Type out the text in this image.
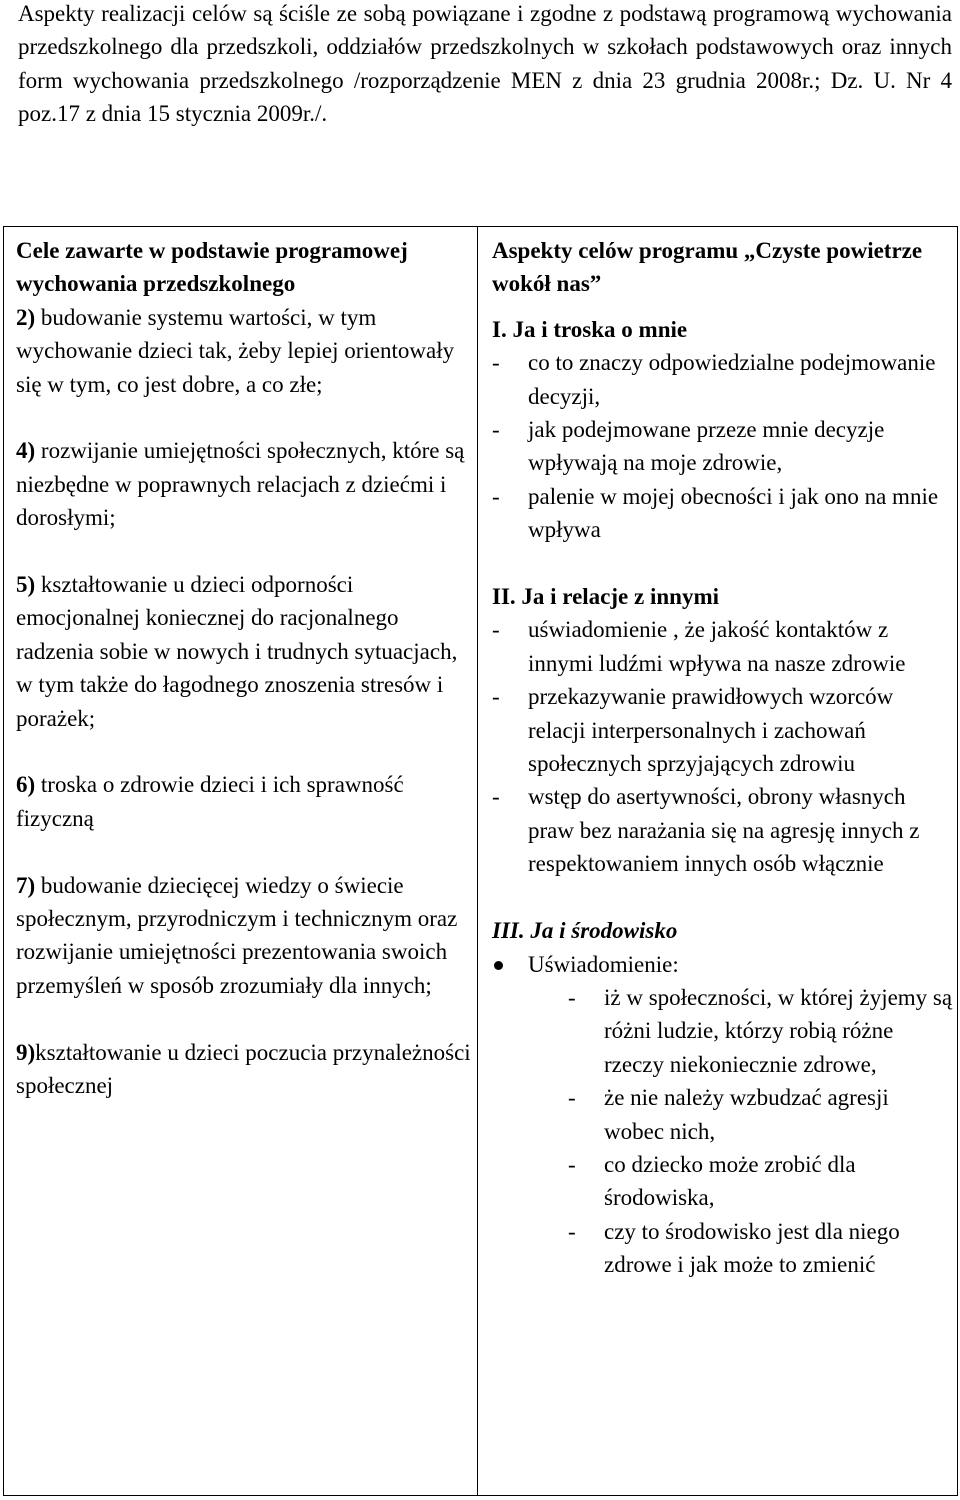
Aspekty realizacji celów są ściśle ze sobą powiązane i zgodne z podstawą programową wychowania przedszkolnego dla przedszkoli, oddziałów przedszkolnych w szkołach podstawowych oraz innych form wychowania przedszkolnego /rozporządzenie MEN z dnia 23 grudnia 2008r.; Dz. U. Nr 4 poz.17 z dnia 15 stycznia 2009r./.
Cele zawarte w podstawie programowej wychowania przedszkolnego
2) budowanie systemu wartości, w tym wychowanie dzieci tak, żeby lepiej orientowały się w tym, co jest dobre, a co złe;
4) rozwijanie umiejętności społecznych, które są niezbędne w poprawnych relacjach z dziećmi i dorosłymi;
5) kształtowanie u dzieci odporności emocjonalnej koniecznej do racjonalnego radzenia sobie w nowych i trudnych sytuacjach, w tym także do łagodnego znoszenia stresów i porażek;
6) troska o zdrowie dzieci i ich sprawność fizyczną
7) budowanie dziecięcej wiedzy o świecie społecznym, przyrodniczym i technicznym oraz rozwijanie umiejętności prezentowania swoich przemyśleń w sposób zrozumiały dla innych;
9)kształtowanie u dzieci poczucia przynależności społecznej
Aspekty celów programu „Czyste powietrze wokół nas”
I. Ja i troska o mnie
- co to znaczy odpowiedzialne podejmowanie decyzji,
- jak podejmowane przeze mnie decyzje wpływają na moje zdrowie,
- palenie w mojej obecności i jak ono na mnie wpływa
II. Ja i relacje z innymi
- uświadomienie , że jakość kontaktów z innymi ludźmi wpływa na nasze zdrowie
- przekazywanie prawidłowych wzorców relacji interpersonalnych i zachowań społecznych sprzyjających zdrowiu
- wstęp do asertywności, obrony własnych praw bez narażania się na agresję innych z respektowaniem innych osób włącznie
III. Ja i środowisko
Uświadomienie:
- iż w społeczności, w której żyjemy są różni ludzie, którzy robią różne rzeczy niekoniecznie zdrowe,
- że nie należy wzbudzać agresji wobec nich,
- co dziecko może zrobić dla środowiska,
- czy to środowisko jest dla niego zdrowe i jak może to zmienić
